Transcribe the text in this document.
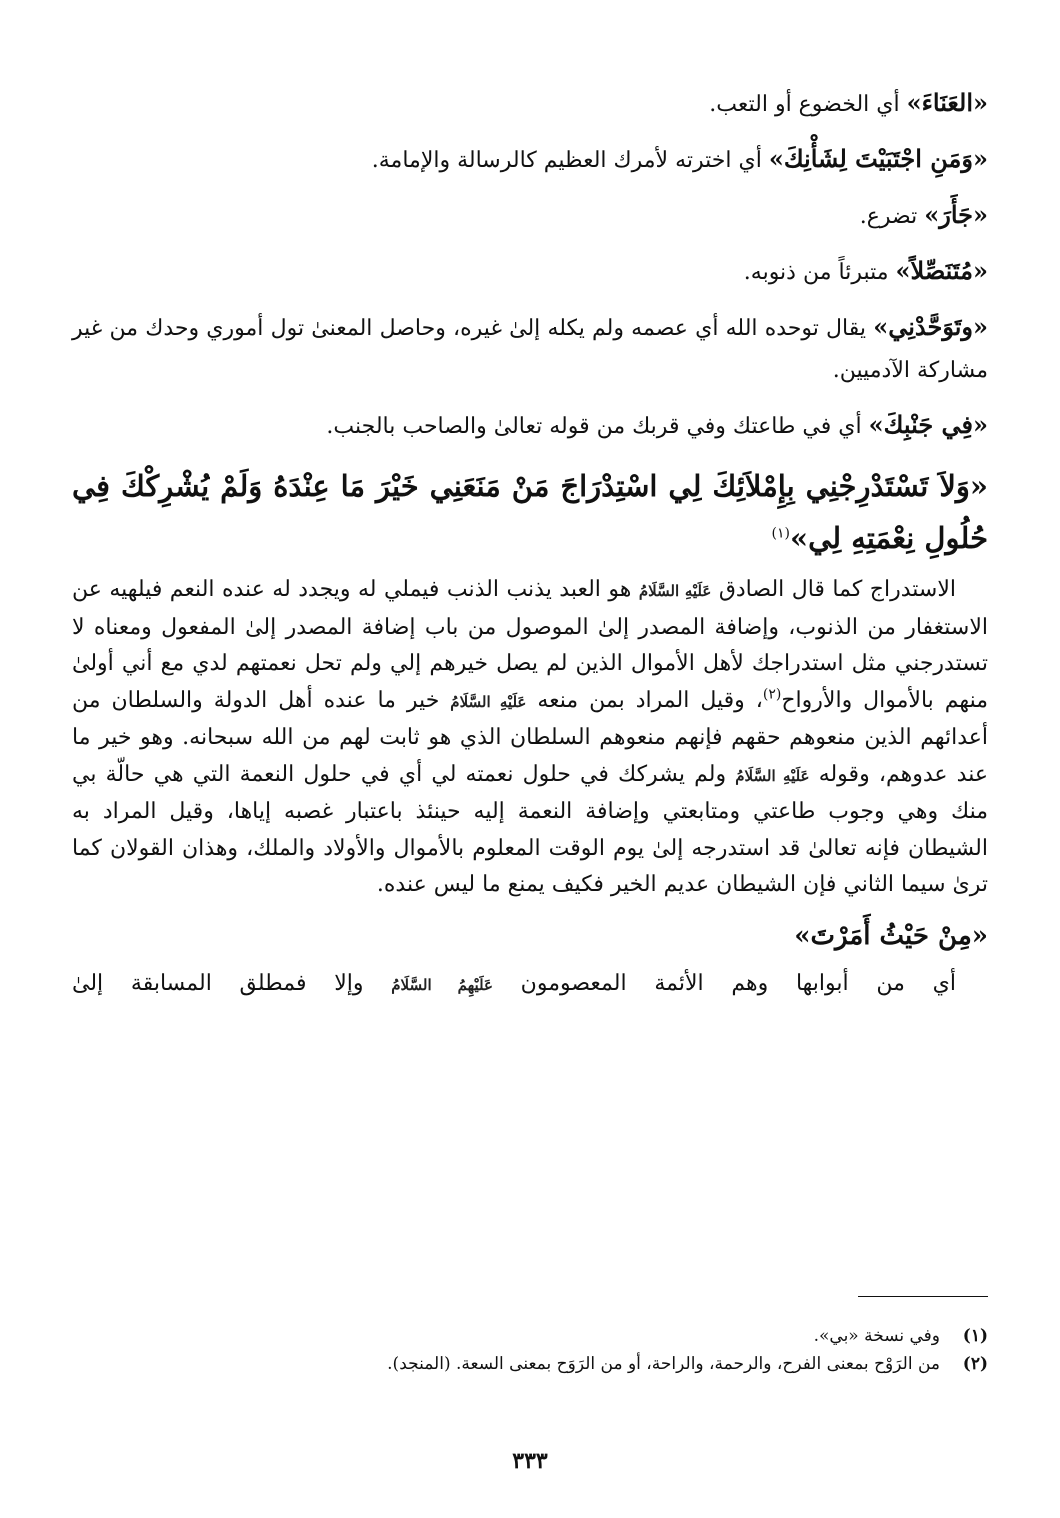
«العَنَاءَ» أي الخضوع أو التعب.

«وَمَنِ اجْتَبَيْتَ لِشَأْنِكَ» أي اخترته لأمرك العظيم كالرسالة والإمامة.

«جَأَرَ» تضرع.

«مُتَنَصِّلاً» متبرئاً من ذنوبه.

«وتَوَحَّدْنِي» يقال توحده الله أي عصمه ولم يكله إلىٰ غيره، وحاصل المعنىٰ تول أموري وحدك من غير مشاركة الآدميين.

«فِي جَنْبِكَ» أي في طاعتك وفي قربك من قوله تعالىٰ والصاحب بالجنب.

«وَلاَ تَسْتَدْرِجْنِي بِإِمْلاَئِكَ لِي اسْتِدْرَاجَ مَنْ مَنَعَنِي خَيْرَ مَا عِنْدَهُ وَلَمْ يُشْرِكْكَ فِي حُلُولِ نِعْمَتِهِ لِي»$^{(١)}$

الاستدراج كما قال الصادق عَلَيْهِ السَّلَامُ هو العبد يذنب الذنب فيملي له ويجدد له عنده النعم فيلهيه عن الاستغفار من الذنوب، وإضافة المصدر إلىٰ الموصول من باب إضافة المصدر إلىٰ المفعول ومعناه لا تستدرجني مثل استدراجك لأهل الأموال الذين لم يصل خيرهم إلي ولم تحل نعمتهم لدي مع أني أولىٰ منهم بالأموال والأرواح$^{(٢)}$، وقيل المراد بمن منعه عَلَيْهِ السَّلَامُ خير ما عنده أهل الدولة والسلطان من أعدائهم الذين منعوهم حقهم فإنهم منعوهم السلطان الذي هو ثابت لهم من الله سبحانه. وهو خير ما عند عدوهم، وقوله عَلَيْهِ السَّلَامُ ولم يشركك في حلول نعمته لي أي في حلول النعمة التي هي حالّة بي منك وهي وجوب طاعتي ومتابعتي وإضافة النعمة إليه حينئذ باعتبار غصبه إياها، وقيل المراد به الشيطان فإنه تعالىٰ قد استدرجه إلىٰ يوم الوقت المعلوم بالأموال والأولاد والملك، وهذان القولان كما ترىٰ سيما الثاني فإن الشيطان عديم الخير فكيف يمنع ما ليس عنده.

«مِنْ حَيْثُ أَمَرْتَ»

أي من أبوابها وهم الأئمة المعصومون عَلَيْهِمُ السَّلَامُ وإلا فمطلق المسابقة إلىٰ

(١)
وفي نسخة «بي».
(٢)
من الرَوْح بمعنى الفرح، والرحمة، والراحة، أو من الرَوَح بمعنى السعة. (المنجد).
٣٣٣
